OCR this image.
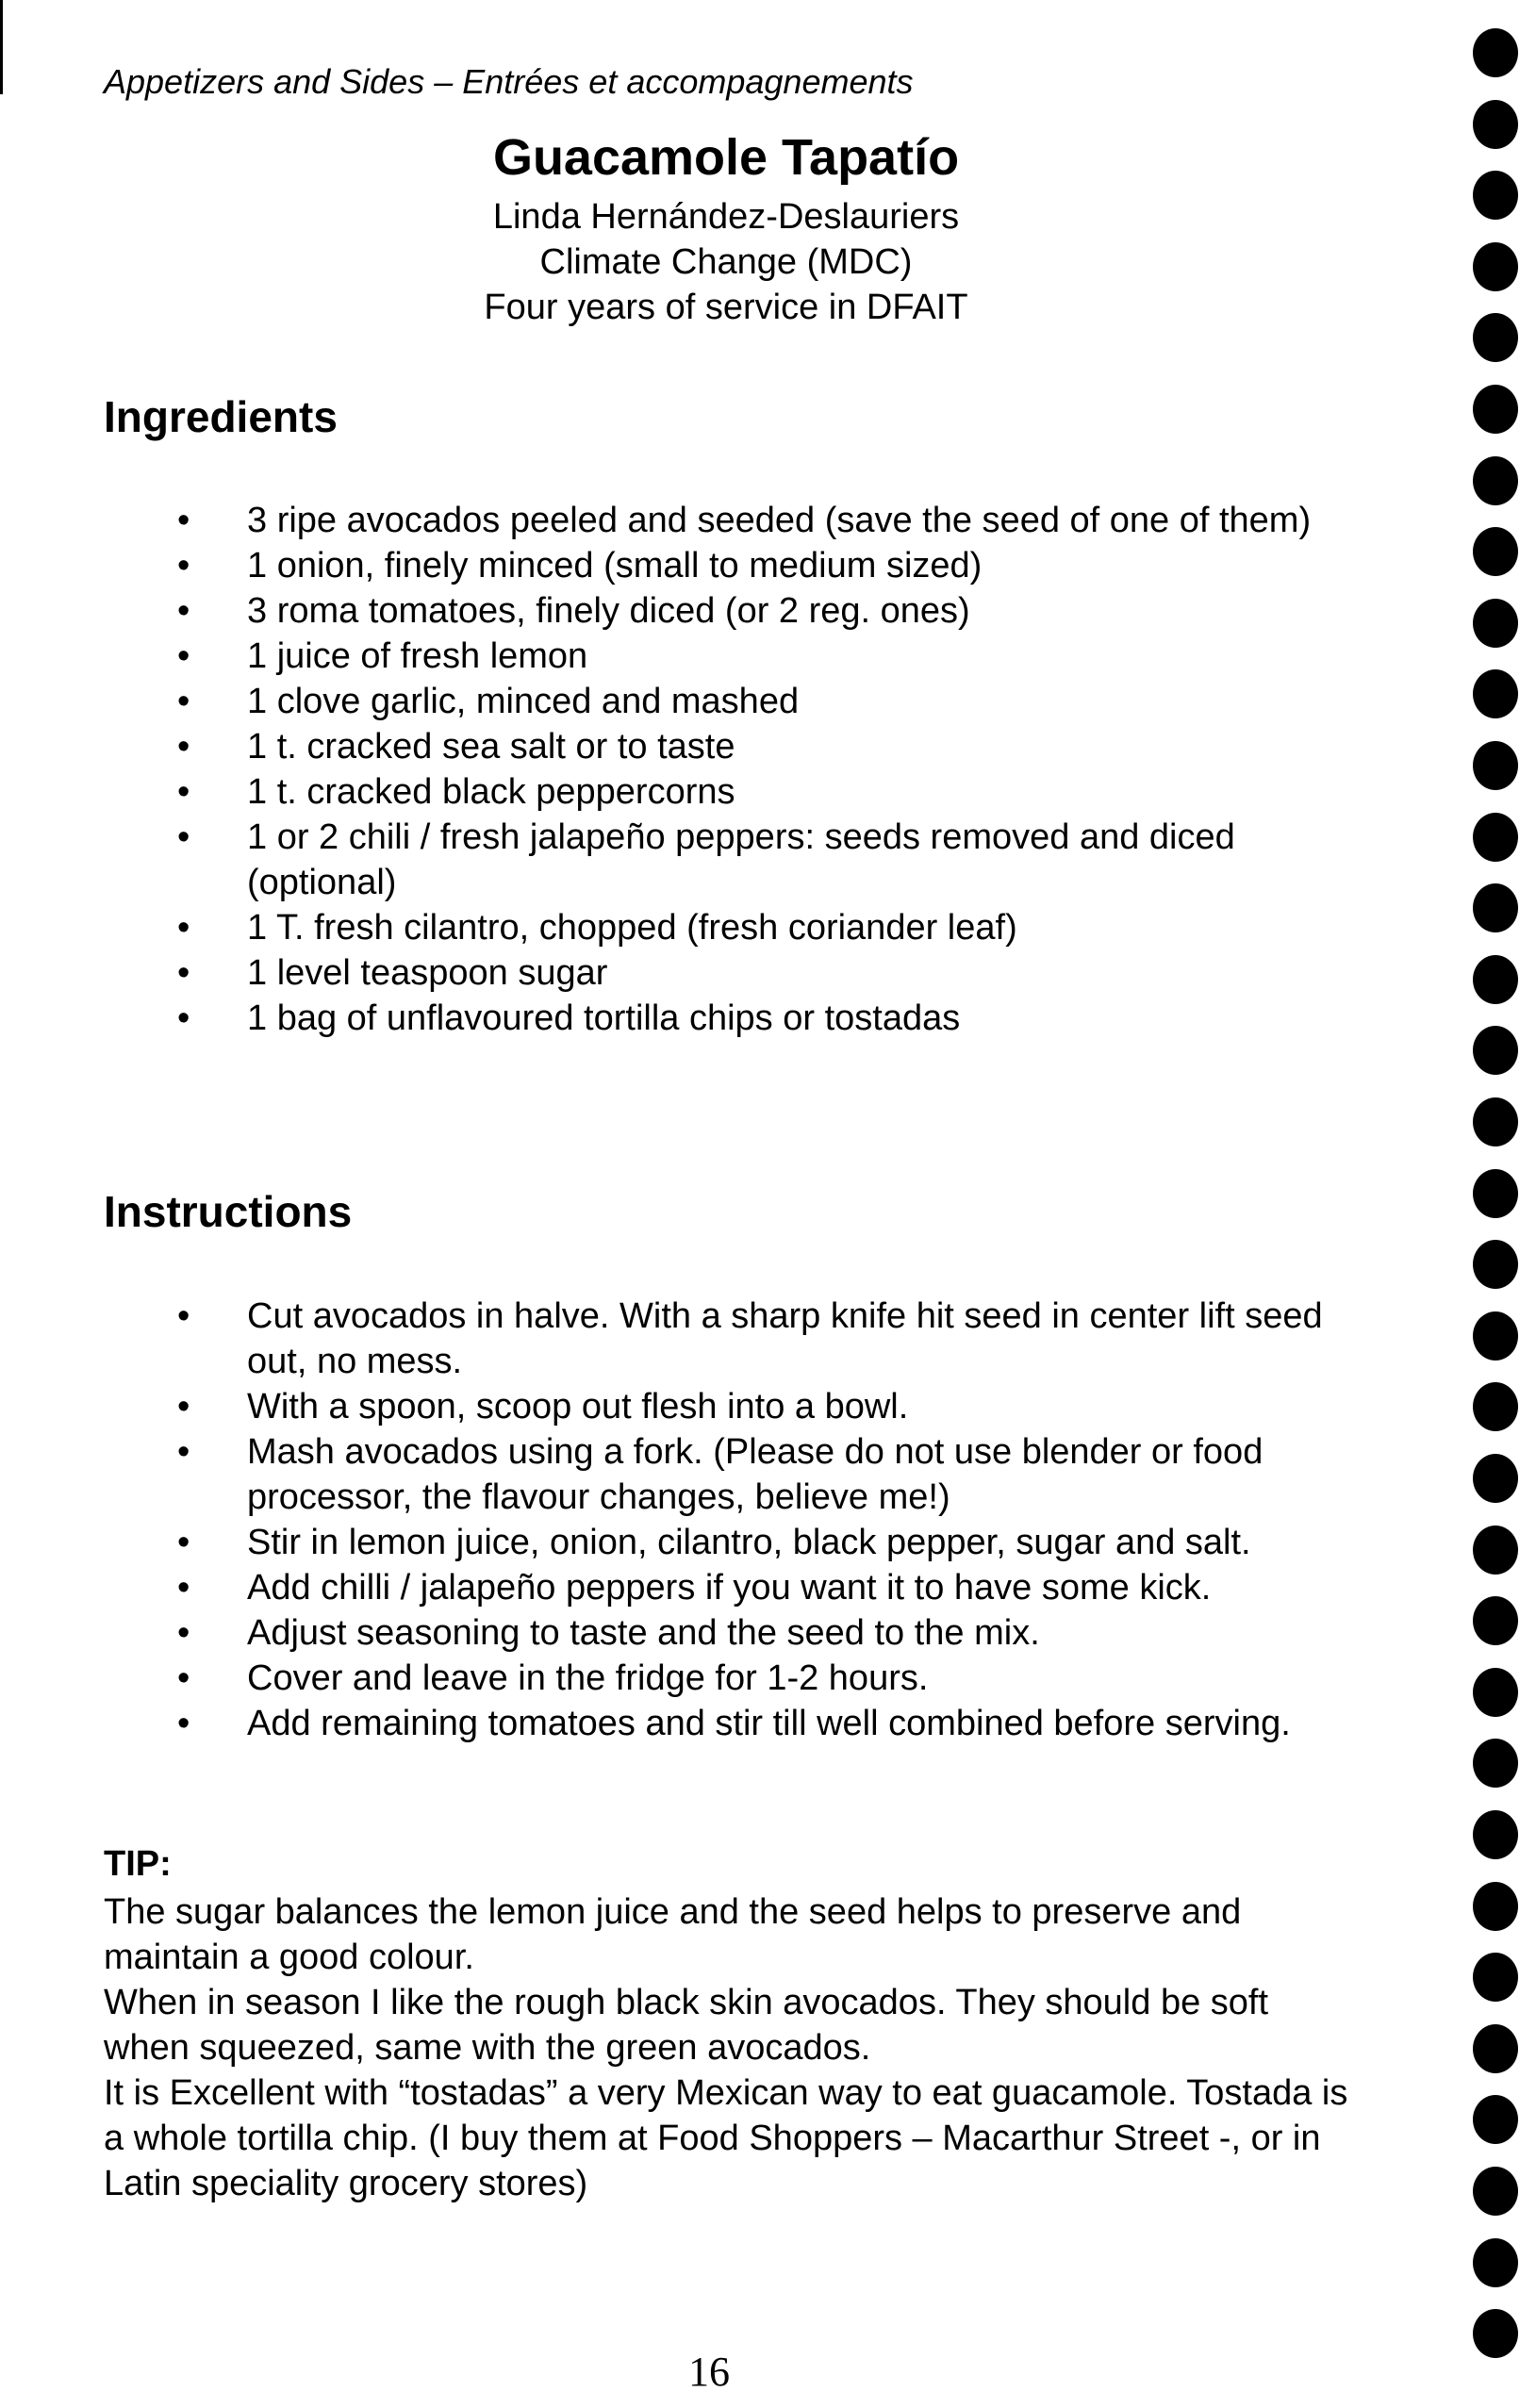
Appetizers and Sides – Entrées et accompagnements
Guacamole Tapatío
Linda Hernández-Deslauriers
Climate Change (MDC)
Four years of service in DFAIT
Ingredients
• 3 ripe avocados peeled and seeded (save the seed of one of them)
• 1 onion, finely minced (small to medium sized)
• 3 roma tomatoes, finely diced (or 2 reg. ones)
• 1 juice of fresh lemon
• 1 clove garlic, minced and mashed
• 1 t. cracked sea salt or to taste
• 1 t. cracked black peppercorns
• 1 or 2 chili / fresh jalapeño peppers: seeds removed and diced (optional)
• 1 T. fresh cilantro, chopped (fresh coriander leaf)
• 1 level teaspoon sugar
• 1 bag of unflavoured tortilla chips or tostadas
Instructions
• Cut avocados in halve. With a sharp knife hit seed in center lift seed out, no mess.
• With a spoon, scoop out flesh into a bowl.
• Mash avocados using a fork. (Please do not use blender or food processor, the flavour changes, believe me!)
• Stir in lemon juice, onion, cilantro, black pepper, sugar and salt.
• Add chilli / jalapeño peppers if you want it to have some kick.
• Adjust seasoning to taste and the seed to the mix.
• Cover and leave in the fridge for 1-2 hours.
• Add remaining tomatoes and stir till well combined before serving.
TIP:

The sugar balances the lemon juice and the seed helps to preserve and maintain a good colour.

When in season I like the rough black skin avocados. They should be soft when squeezed, same with the green avocados.

It is Excellent with “tostadas” a very Mexican way to eat guacamole. Tostada is a whole tortilla chip. (I buy them at Food Shoppers – Macarthur Street -, or in Latin speciality grocery stores)

16
